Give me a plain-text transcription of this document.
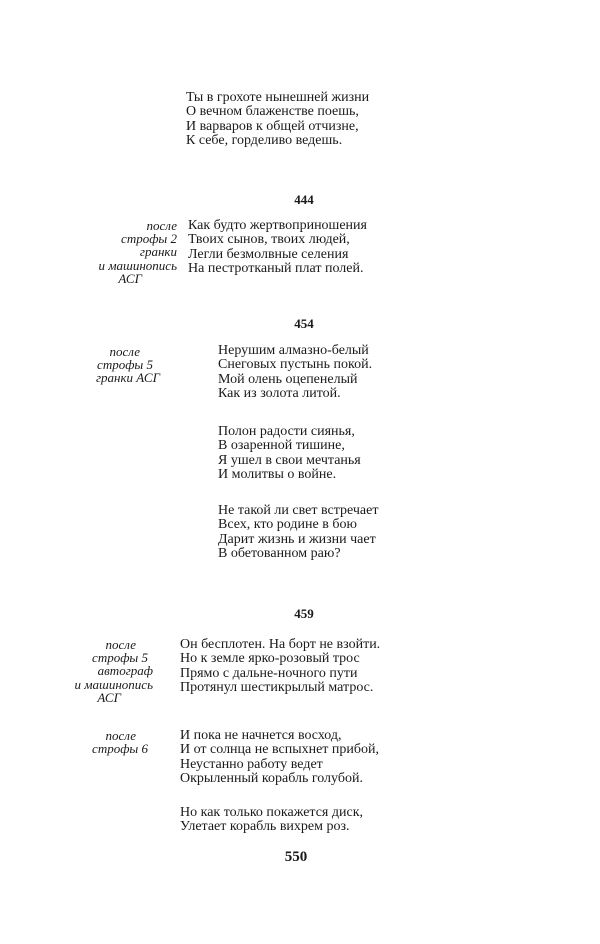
Ты в грохоте нынешней жизни
О вечном блаженстве поешь,
И варваров к общей отчизне,
К себе, горделиво ведешь.
444
после
строфы 2
гранки
и машинопись
АСГ
Как будто жертвоприношения
Твоих сынов, твоих людей,
Легли безмолвные селения
На пестротканый плат полей.
454
после
строфы 5
гранки АСГ
Нерушим алмазно-белый
Снеговых пустынь покой.
Мой олень оцепенелый
Как из золота литой.
Полон радости сиянья,
В озаренной тишине,
Я ушел в свои мечтанья
И молитвы о войне.
Не такой ли свет встречает
Всех, кто родине в бою
Дарит жизнь и жизни чает
В обетованном раю?
459
после
строфы 5
автограф
и машинопись
АСГ
после
строфы 6
Он бесплотен. На борт не взойти.
Но к земле ярко-розовый трос
Прямо с дальне-ночного пути
Протянул шестикрылый матрос.
И пока не начнется восход,
И от солнца не вспыхнет прибой,
Неустанно работу ведет
Окрыленный корабль голубой.
Но как только покажется диск,
Улетает корабль вихрем роз.
550
